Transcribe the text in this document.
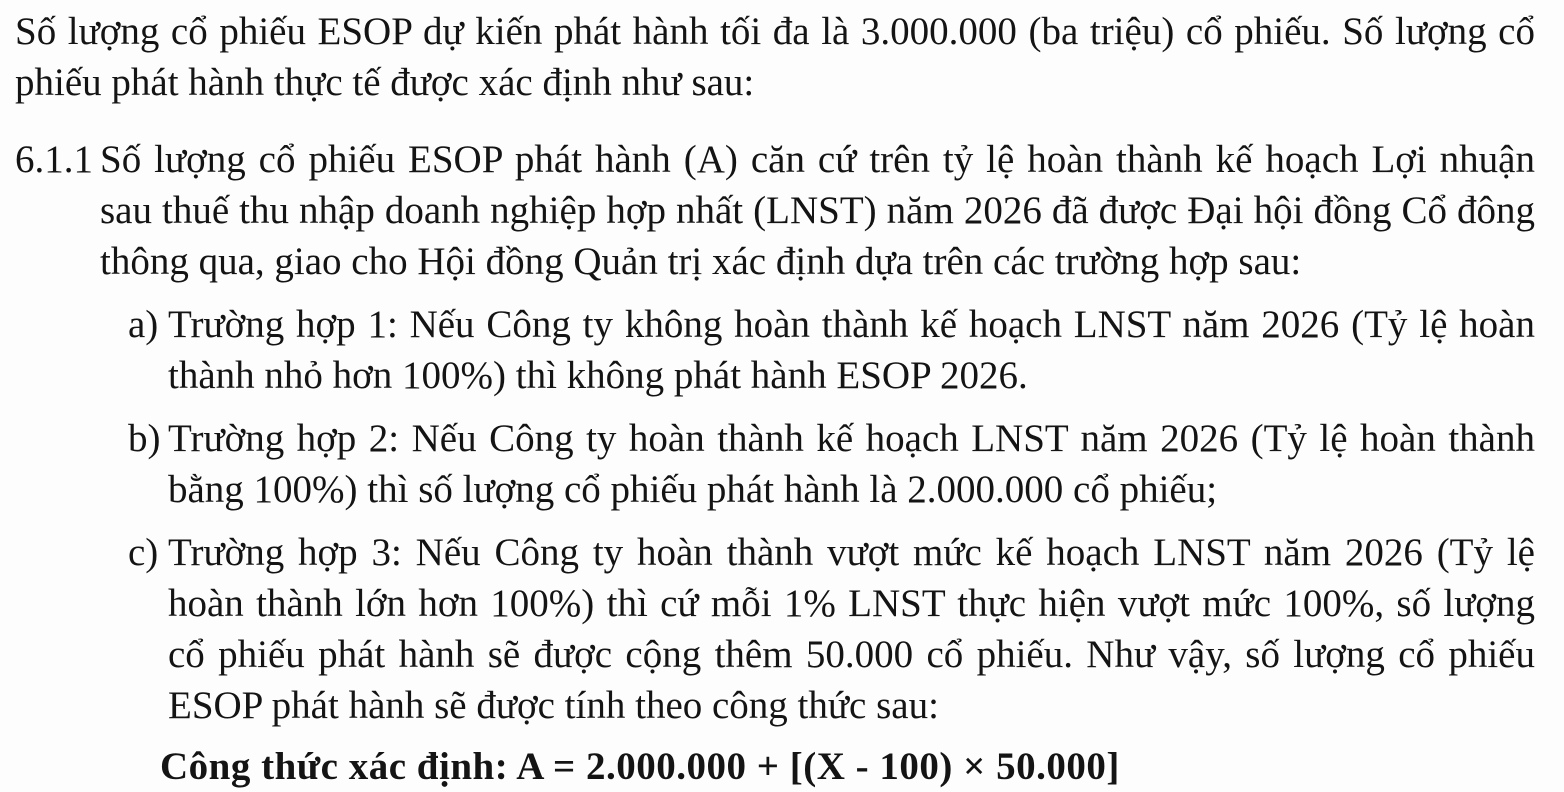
Số lượng cổ phiếu ESOP dự kiến phát hành tối đa là 3.000.000 (ba triệu) cổ phiếu. Số lượng cổ phiếu phát hành thực tế được xác định như sau:

6.1.1 Số lượng cổ phiếu ESOP phát hành (A) căn cứ trên tỷ lệ hoàn thành kế hoạch Lợi nhuận sau thuế thu nhập doanh nghiệp hợp nhất (LNST) năm 2026 đã được Đại hội đồng Cổ đông thông qua, giao cho Hội đồng Quản trị xác định dựa trên các trường hợp sau:
a) Trường hợp 1: Nếu Công ty không hoàn thành kế hoạch LNST năm 2026 (Tỷ lệ hoàn thành nhỏ hơn 100%) thì không phát hành ESOP 2026.
b) Trường hợp 2: Nếu Công ty hoàn thành kế hoạch LNST năm 2026 (Tỷ lệ hoàn thành bằng 100%) thì số lượng cổ phiếu phát hành là 2.000.000 cổ phiếu;
c) Trường hợp 3: Nếu Công ty hoàn thành vượt mức kế hoạch LNST năm 2026 (Tỷ lệ hoàn thành lớn hơn 100%) thì cứ mỗi 1% LNST thực hiện vượt mức 100%, số lượng cổ phiếu phát hành sẽ được cộng thêm 50.000 cổ phiếu. Như vậy, số lượng cổ phiếu ESOP phát hành sẽ được tính theo công thức sau:
Công thức xác định: A = 2.000.000 + [(X - 100) × 50.000]
